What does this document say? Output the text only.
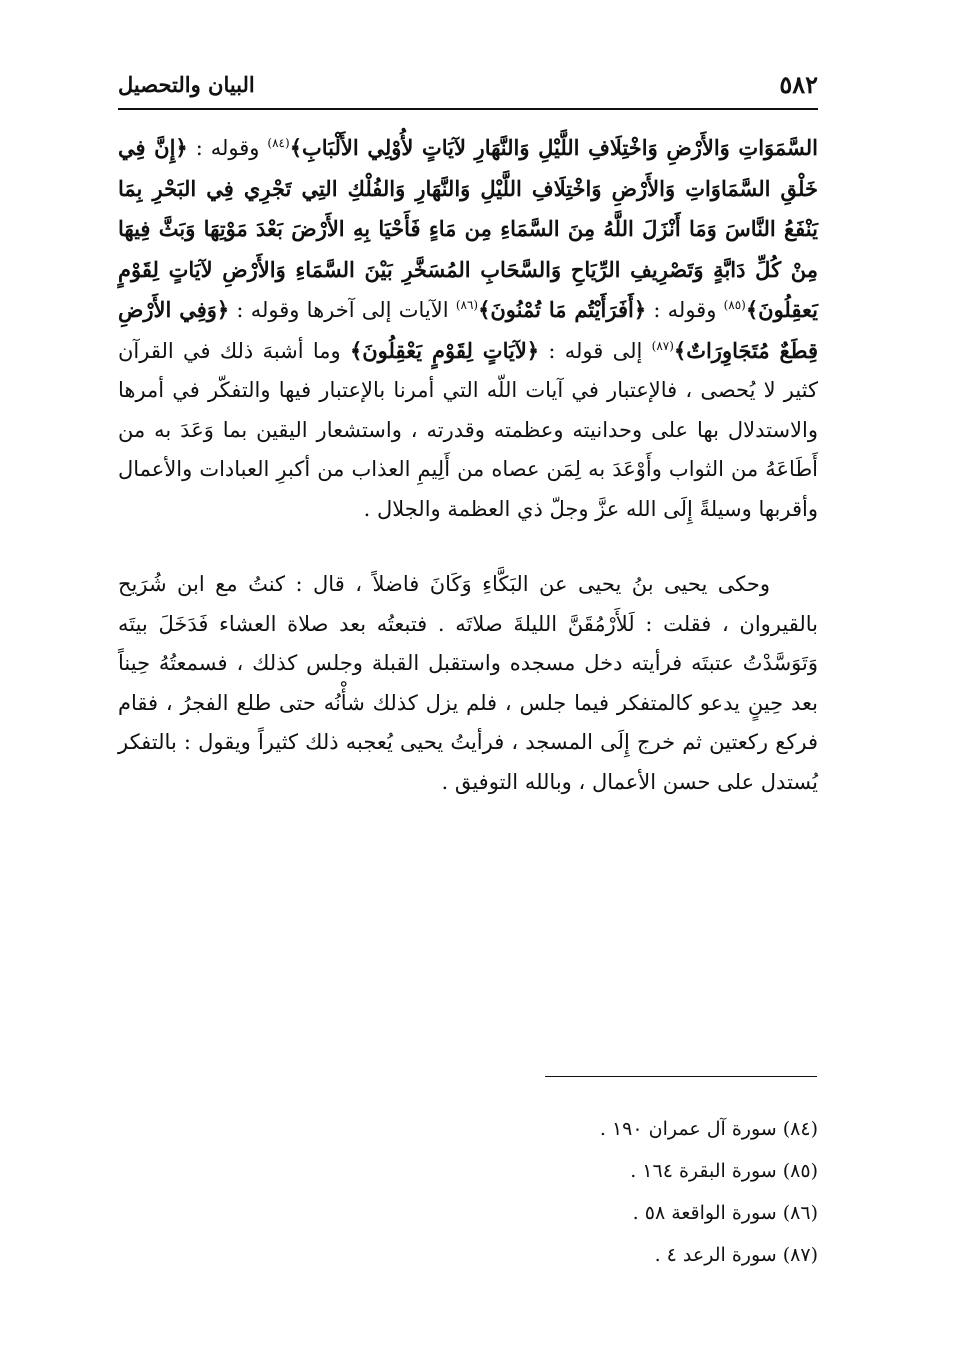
٥٨٢
البيان والتحصيل

السَّمَوَاتِ وَالأَرْضِ وَاخْتِلَافِ اللَّيْلِ وَالنَّهَارِ لآيَاتٍ لأُوْلِي الأَلْبَابِ﴾$^{(٨٤)}$ وقوله : ﴿إِنَّ فِي خَلْقِ السَّمَاوَاتِ وَالأَرْضِ وَاخْتِلَافِ اللَّيْلِ وَالنَّهَارِ وَالفُلْكِ التِي تَجْرِي فِي البَحْرِ بِمَا يَنْفَعُ النَّاسَ وَمَا أَنْزَلَ اللَّهُ مِنَ السَّمَاءِ مِن مَاءٍ فَأَحْيَا بِهِ الأَرْضَ بَعْدَ مَوْتِهَا وَبَثَّ فِيهَا مِنْ كُلِّ دَابَّةٍ وَتَصْرِيفِ الرِّيَاحِ وَالسَّحَابِ المُسَخَّرِ بَيْنَ السَّمَاءِ وَالأَرْضِ لآيَاتٍ لِقَوْمٍ يَعقِلُونَ﴾$^{(٨٥)}$ وقوله : ﴿أَفَرَأَيْتُم مَا تُمْنُونَ﴾$^{(٨٦)}$ الآيات إلى آخرها وقوله : ﴿وَفِي الأَرْضِ قِطَعٌ مُتَجَاوِرَاتٌ﴾$^{(٨٧)}$ إلى قوله : ﴿لآيَاتٍ لِقَوْمٍ يَعْقِلُونَ﴾ وما أشبهَ ذلك في القرآن كثير لا يُحصى ، فالإعتبار في آيات اللّه التي أمرنا بالإعتبار فيها والتفكّر في أمرها والاستدلال بها على وحدانيته وعظمته وقدرته ، واستشعار اليقين بما وَعَدَ به من أَطَاعَهُ من الثواب وأَوْعَدَ به لِمَن عصاه من أَلِيمِ العذاب من أكبرِ العبادات والأعمال وأقربها وسيلةً إِلَى الله عزَّ وجلّ ذي العظمة والجلال .

وحكى يحيى بنُ يحيى عن البَكَّاءِ وَكَانَ فاضلاً ، قال : كنتُ مع ابن شُرَيح بالقيروان ، فقلت : لَلأَرْمُقَنَّ الليلةَ صلاتَه . فتبعتُه بعد صلاة العشاء فَدَخَلَ بيتَه وَتَوَسَّدْتُ عتبتَه فرأيته دخل مسجده واستقبل القبلة وجلس كذلك ، فسمعتُهُ حِيناً بعد حِينٍ يدعو كالمتفكر فيما جلس ، فلم يزل كذلك شأْنُه حتى طلع الفجرُ ، فقام فركع ركعتين ثم خرج إِلَى المسجد ، فرأيتُ يحيى يُعجبه ذلك كثيراً ويقول : بالتفكر يُستدل على حسن الأعمال ، وبالله التوفيق .

(٨٤) سورة آل عمران ١٩٠ .
(٨٥) سورة البقرة ١٦٤ .
(٨٦) سورة الواقعة ٥٨ .
(٨٧) سورة الرعد ٤ .
